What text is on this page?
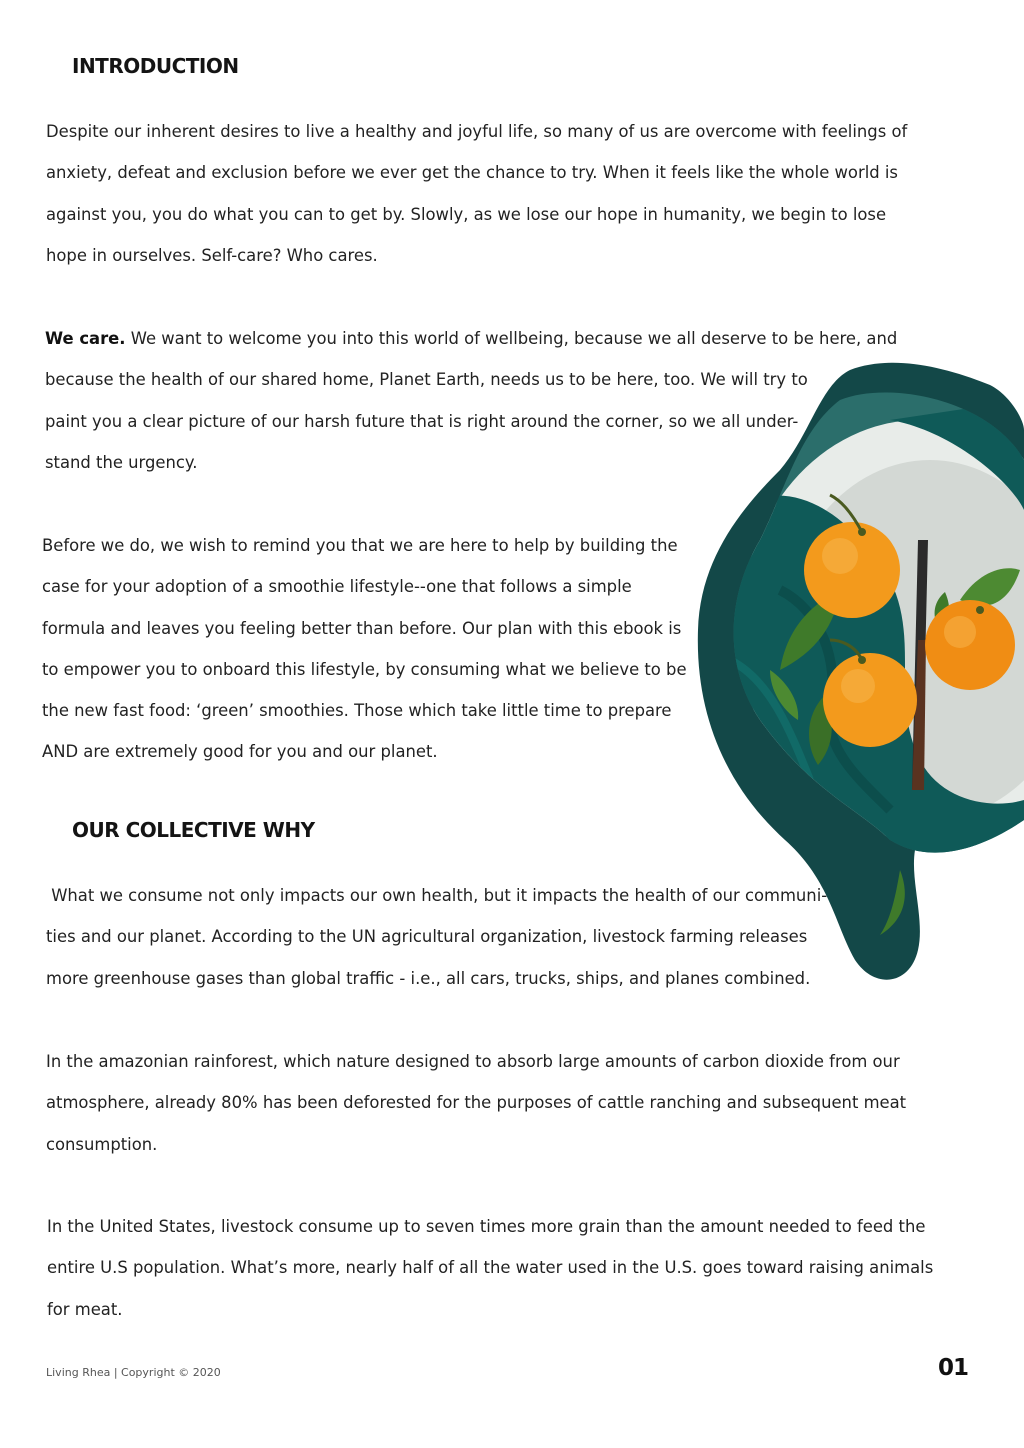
INTRODUCTION

Despite our inherent desires to live a healthy and joyful life, so many of us are overcome with feelings of
anxiety, defeat and exclusion before we ever get the chance to try. When it feels like the whole world is
against you, you do what you can to get by. Slowly, as we lose our hope in humanity, we begin to lose
hope in ourselves. Self-care? Who cares.

We care. We want to welcome you into this world of wellbeing, because we all deserve to be here, and
because the health of our shared home, Planet Earth, needs us to be here, too. We will try to
paint you a clear picture of our harsh future that is right around the corner, so we all under-
stand the urgency.

Before we do, we wish to remind you that we are here to help by building the
case for your adoption of a smoothie lifestyle--one that follows a simple
formula and leaves you feeling better than before. Our plan with this ebook is
to empower you to onboard this lifestyle, by consuming what we believe to be
the new fast food: ‘green’ smoothies. Those which take little time to prepare
AND are extremely good for you and our planet.

OUR COLLECTIVE WHY

What we consume not only impacts our own health, but it impacts the health of our communi-
ties and our planet. According to the UN agricultural organization, livestock farming releases
more greenhouse gases than global traffic - i.e., all cars, trucks, ships, and planes combined.

In the amazonian rainforest, which nature designed to absorb large amounts of carbon dioxide from our
atmosphere, already 80% has been deforested for the purposes of cattle ranching and subsequent meat
consumption.

In the United States, livestock consume up to seven times more grain than the amount needed to feed the
entire U.S population. What’s more, nearly half of all the water used in the U.S. goes toward raising animals
for meat.

Living Rhea | Copyright © 2020	01
